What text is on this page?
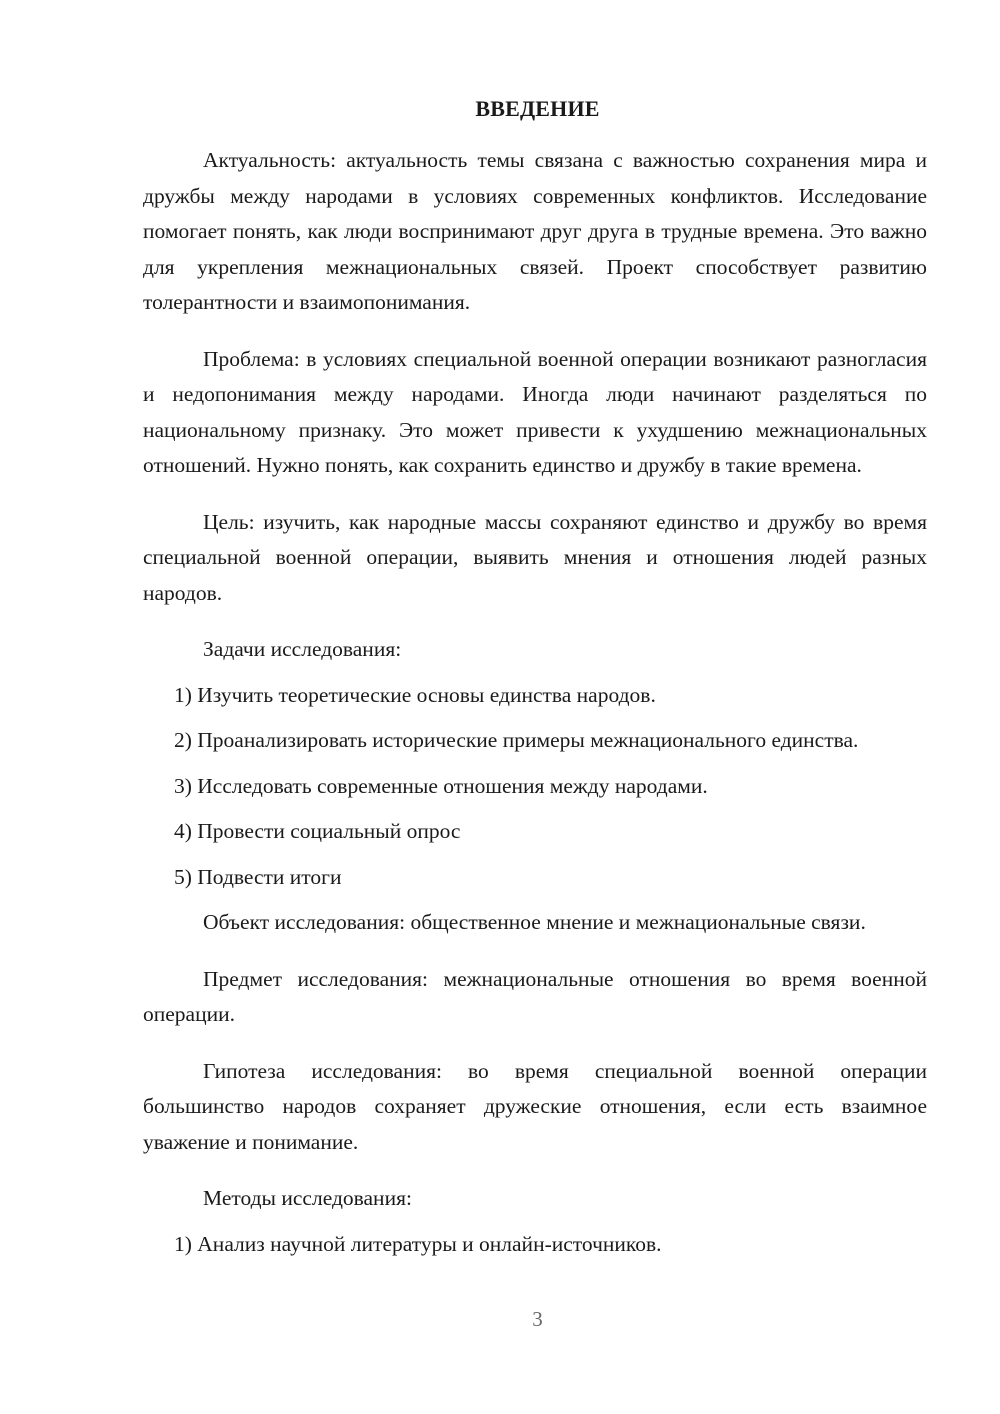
ВВЕДЕНИЕ

Актуальность: актуальность темы связана с важностью сохранения мира и дружбы между народами в условиях современных конфликтов. Исследование помогает понять, как люди воспринимают друг друга в трудные времена. Это важно для укрепления межнациональных связей. Проект способствует развитию толерантности и взаимопонимания.

Проблема: в условиях специальной военной операции возникают разногласия и недопонимания между народами. Иногда люди начинают разделяться по национальному признаку. Это может привести к ухудшению межнациональных отношений. Нужно понять, как сохранить единство и дружбу в такие времена.

Цель: изучить, как народные массы сохраняют единство и дружбу во время специальной военной операции, выявить мнения и отношения людей разных народов.

Задачи исследования:

1) Изучить теоретические основы единства народов.

2) Проанализировать исторические примеры межнационального единства.

3) Исследовать современные отношения между народами.

4) Провести социальный опрос

5) Подвести итоги

Объект исследования: общественное мнение и межнациональные связи.

Предмет исследования: межнациональные отношения во время военной операции.

Гипотеза исследования: во время специальной военной операции большинство народов сохраняет дружеские отношения, если есть взаимное уважение и понимание.

Методы исследования:

1) Анализ научной литературы и онлайн-источников.

3
